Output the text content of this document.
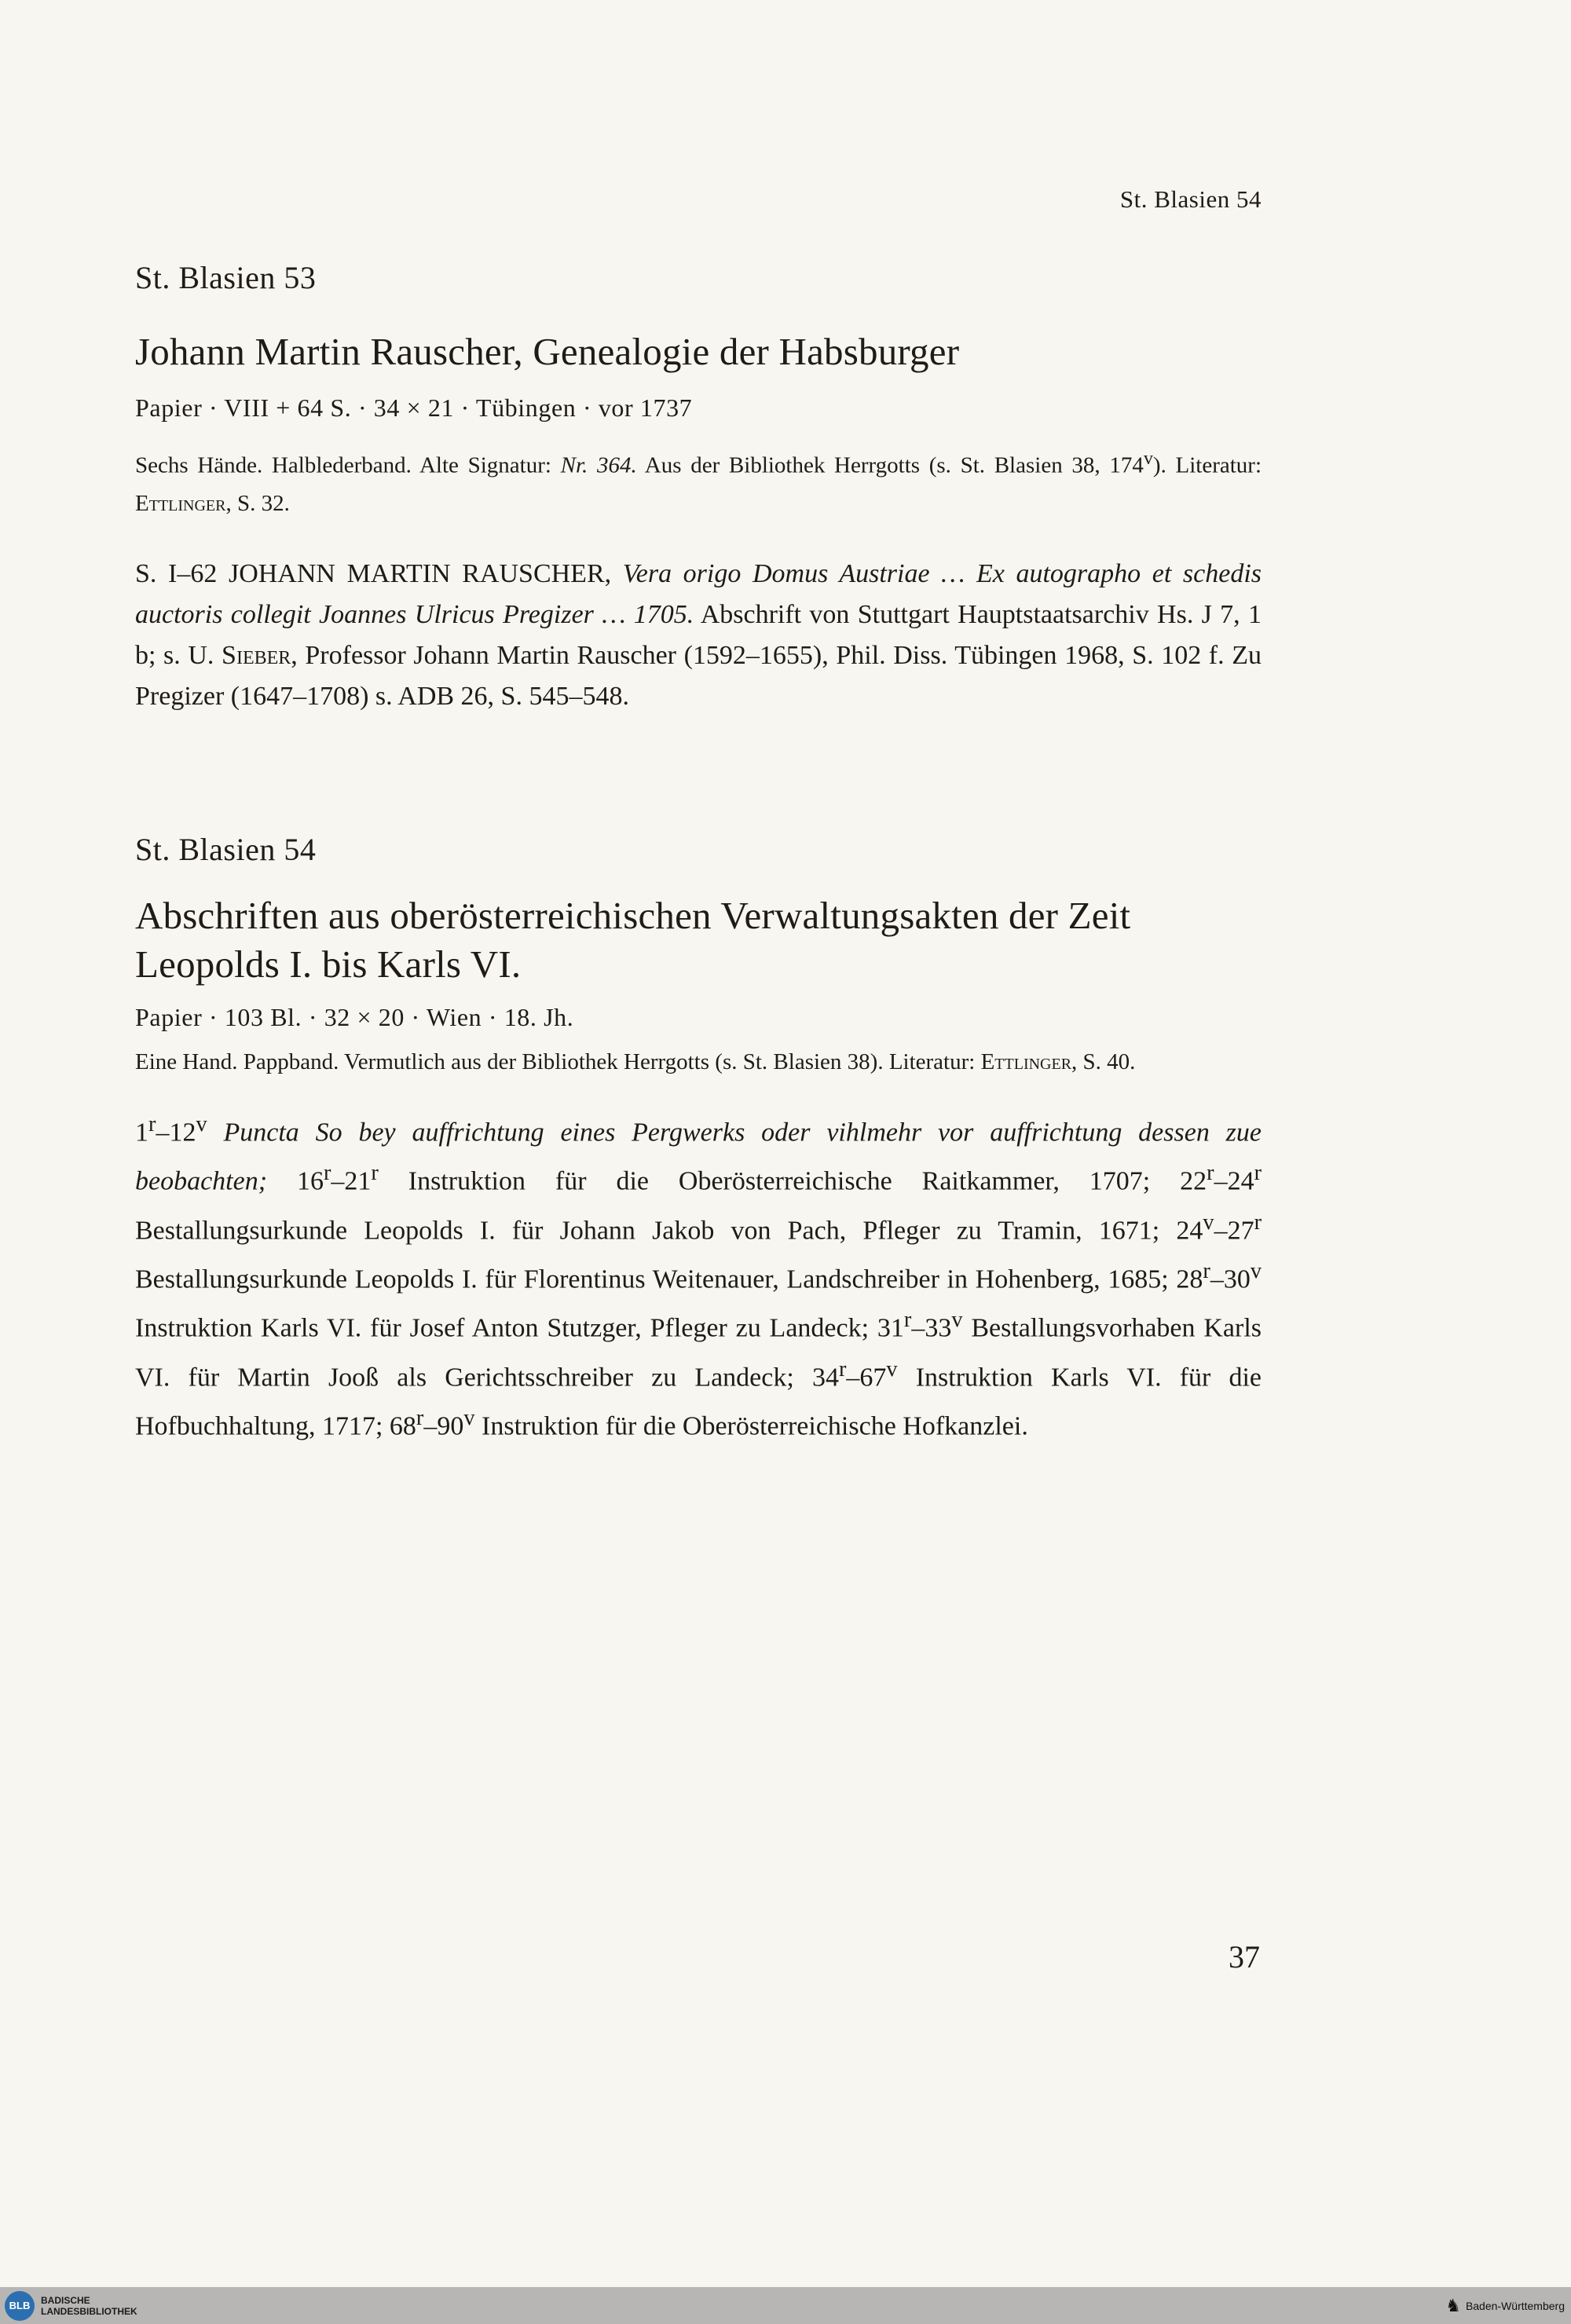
St. Blasien 54
St. Blasien 53
Johann Martin Rauscher, Genealogie der Habsburger
Papier · VIII + 64 S. · 34 × 21 · Tübingen · vor 1737

Sechs Hände. Halblederband. Alte Signatur: Nr. 364. Aus der Bibliothek Herrgotts (s. St. Blasien 38, 174$^v$). Literatur: Ettlinger, S. 32.

S. I–62 JOHANN MARTIN RAUSCHER, Vera origo Domus Austriae … Ex autographo et schedis auctoris collegit Joannes Ulricus Pregizer … 1705. Abschrift von Stuttgart Hauptstaatsarchiv Hs. J 7, 1 b; s. U. Sieber, Professor Johann Martin Rauscher (1592–1655), Phil. Diss. Tübingen 1968, S. 102 f. Zu Pregizer (1647–1708) s. ADB 26, S. 545–548.

St. Blasien 54
Abschriften aus oberösterreichischen Verwaltungsakten der Zeit
Leopolds I. bis Karls VI.
Papier · 103 Bl. · 32 × 20 · Wien · 18. Jh.

Eine Hand. Pappband. Vermutlich aus der Bibliothek Herrgotts (s. St. Blasien 38). Literatur: Ettlinger, S. 40.

1$^r$–12$^v$ Puncta So bey auffrichtung eines Pergwerks oder vihlmehr vor auffrichtung dessen zue beobachten; 16$^r$–21$^r$ Instruktion für die Oberösterreichische Raitkammer, 1707; 22$^r$–24$^r$ Bestallungsurkunde Leopolds I. für Johann Jakob von Pach, Pfleger zu Tramin, 1671; 24$^v$–27$^r$ Bestallungsurkunde Leopolds I. für Florentinus Weitenauer, Landschreiber in Hohenberg, 1685; 28$^r$–30$^v$ Instruktion Karls VI. für Josef Anton Stutzger, Pfleger zu Landeck; 31$^r$–33$^v$ Bestallungsvorhaben Karls VI. für Martin Jooß als Gerichtsschreiber zu Landeck; 34$^r$–67$^v$ Instruktion Karls VI. für die Hofbuchhaltung, 1717; 68$^r$–90$^v$ Instruktion für die Oberösterreichische Hofkanzlei.

37
BLB	BADISCHE
LANDESBIBLIOTHEK	♞ Baden-Württemberg
